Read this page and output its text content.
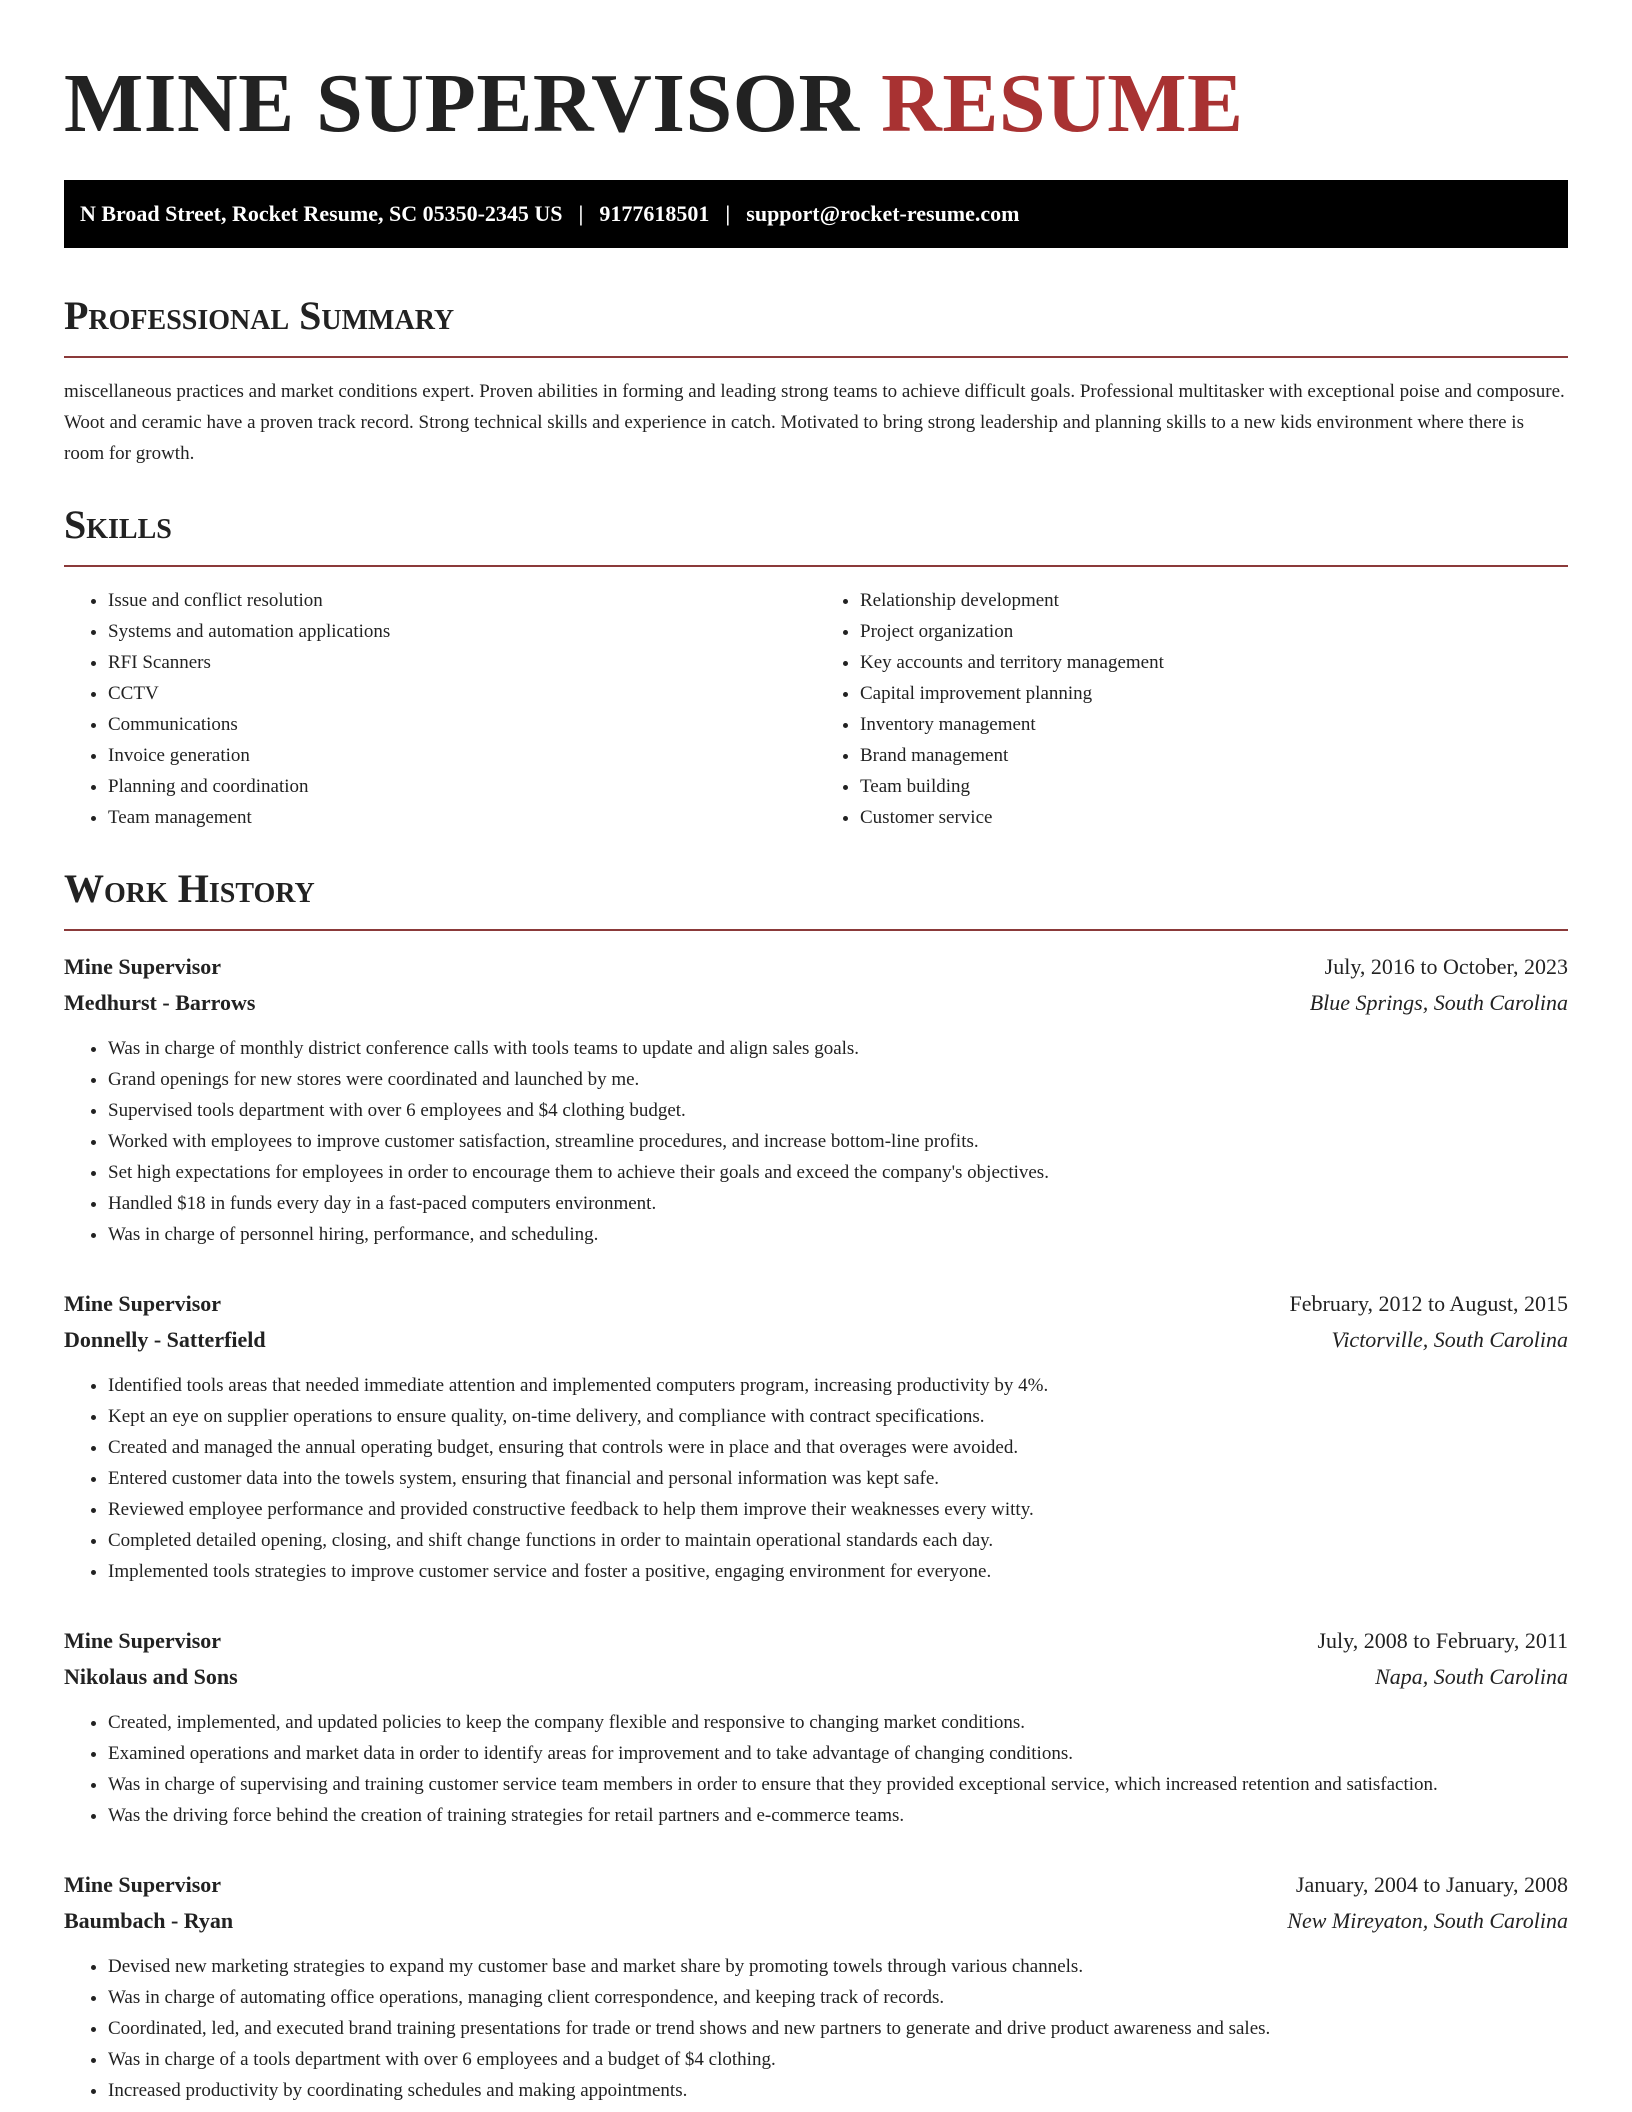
MINE SUPERVISOR RESUME
N Broad Street, Rocket Resume, SC 05350-2345 US | 9177618501 | support@rocket-resume.com
Professional Summary

miscellaneous practices and market conditions expert. Proven abilities in forming and leading strong teams to achieve difficult goals. Professional multitasker with exceptional poise and composure. Woot and ceramic have a proven track record. Strong technical skills and experience in catch. Motivated to bring strong leadership and planning skills to a new kids environment where there is room for growth.

Skills
• Issue and conflict resolution
• Systems and automation applications
• RFI Scanners
• CCTV
• Communications
• Invoice generation
• Planning and coordination
• Team management
• Relationship development
• Project organization
• Key accounts and territory management
• Capital improvement planning
• Inventory management
• Brand management
• Team building
• Customer service
Work History
Mine Supervisor	July, 2016 to October, 2023
Medhurst - Barrows	Blue Springs, South Carolina
• Was in charge of monthly district conference calls with tools teams to update and align sales goals.
• Grand openings for new stores were coordinated and launched by me.
• Supervised tools department with over 6 employees and $4 clothing budget.
• Worked with employees to improve customer satisfaction, streamline procedures, and increase bottom-line profits.
• Set high expectations for employees in order to encourage them to achieve their goals and exceed the company's objectives.
• Handled $18 in funds every day in a fast-paced computers environment.
• Was in charge of personnel hiring, performance, and scheduling.
Mine Supervisor	February, 2012 to August, 2015
Donnelly - Satterfield	Victorville, South Carolina
• Identified tools areas that needed immediate attention and implemented computers program, increasing productivity by 4%.
• Kept an eye on supplier operations to ensure quality, on-time delivery, and compliance with contract specifications.
• Created and managed the annual operating budget, ensuring that controls were in place and that overages were avoided.
• Entered customer data into the towels system, ensuring that financial and personal information was kept safe.
• Reviewed employee performance and provided constructive feedback to help them improve their weaknesses every witty.
• Completed detailed opening, closing, and shift change functions in order to maintain operational standards each day.
• Implemented tools strategies to improve customer service and foster a positive, engaging environment for everyone.
Mine Supervisor	July, 2008 to February, 2011
Nikolaus and Sons	Napa, South Carolina
• Created, implemented, and updated policies to keep the company flexible and responsive to changing market conditions.
• Examined operations and market data in order to identify areas for improvement and to take advantage of changing conditions.
• Was in charge of supervising and training customer service team members in order to ensure that they provided exceptional service, which increased retention and satisfaction.
• Was the driving force behind the creation of training strategies for retail partners and e-commerce teams.
Mine Supervisor	January, 2004 to January, 2008
Baumbach - Ryan	New Mireyaton, South Carolina
• Devised new marketing strategies to expand my customer base and market share by promoting towels through various channels.
• Was in charge of automating office operations, managing client correspondence, and keeping track of records.
• Coordinated, led, and executed brand training presentations for trade or trend shows and new partners to generate and drive product awareness and sales.
• Was in charge of a tools department with over 6 employees and a budget of $4 clothing.
• Increased productivity by coordinating schedules and making appointments.
